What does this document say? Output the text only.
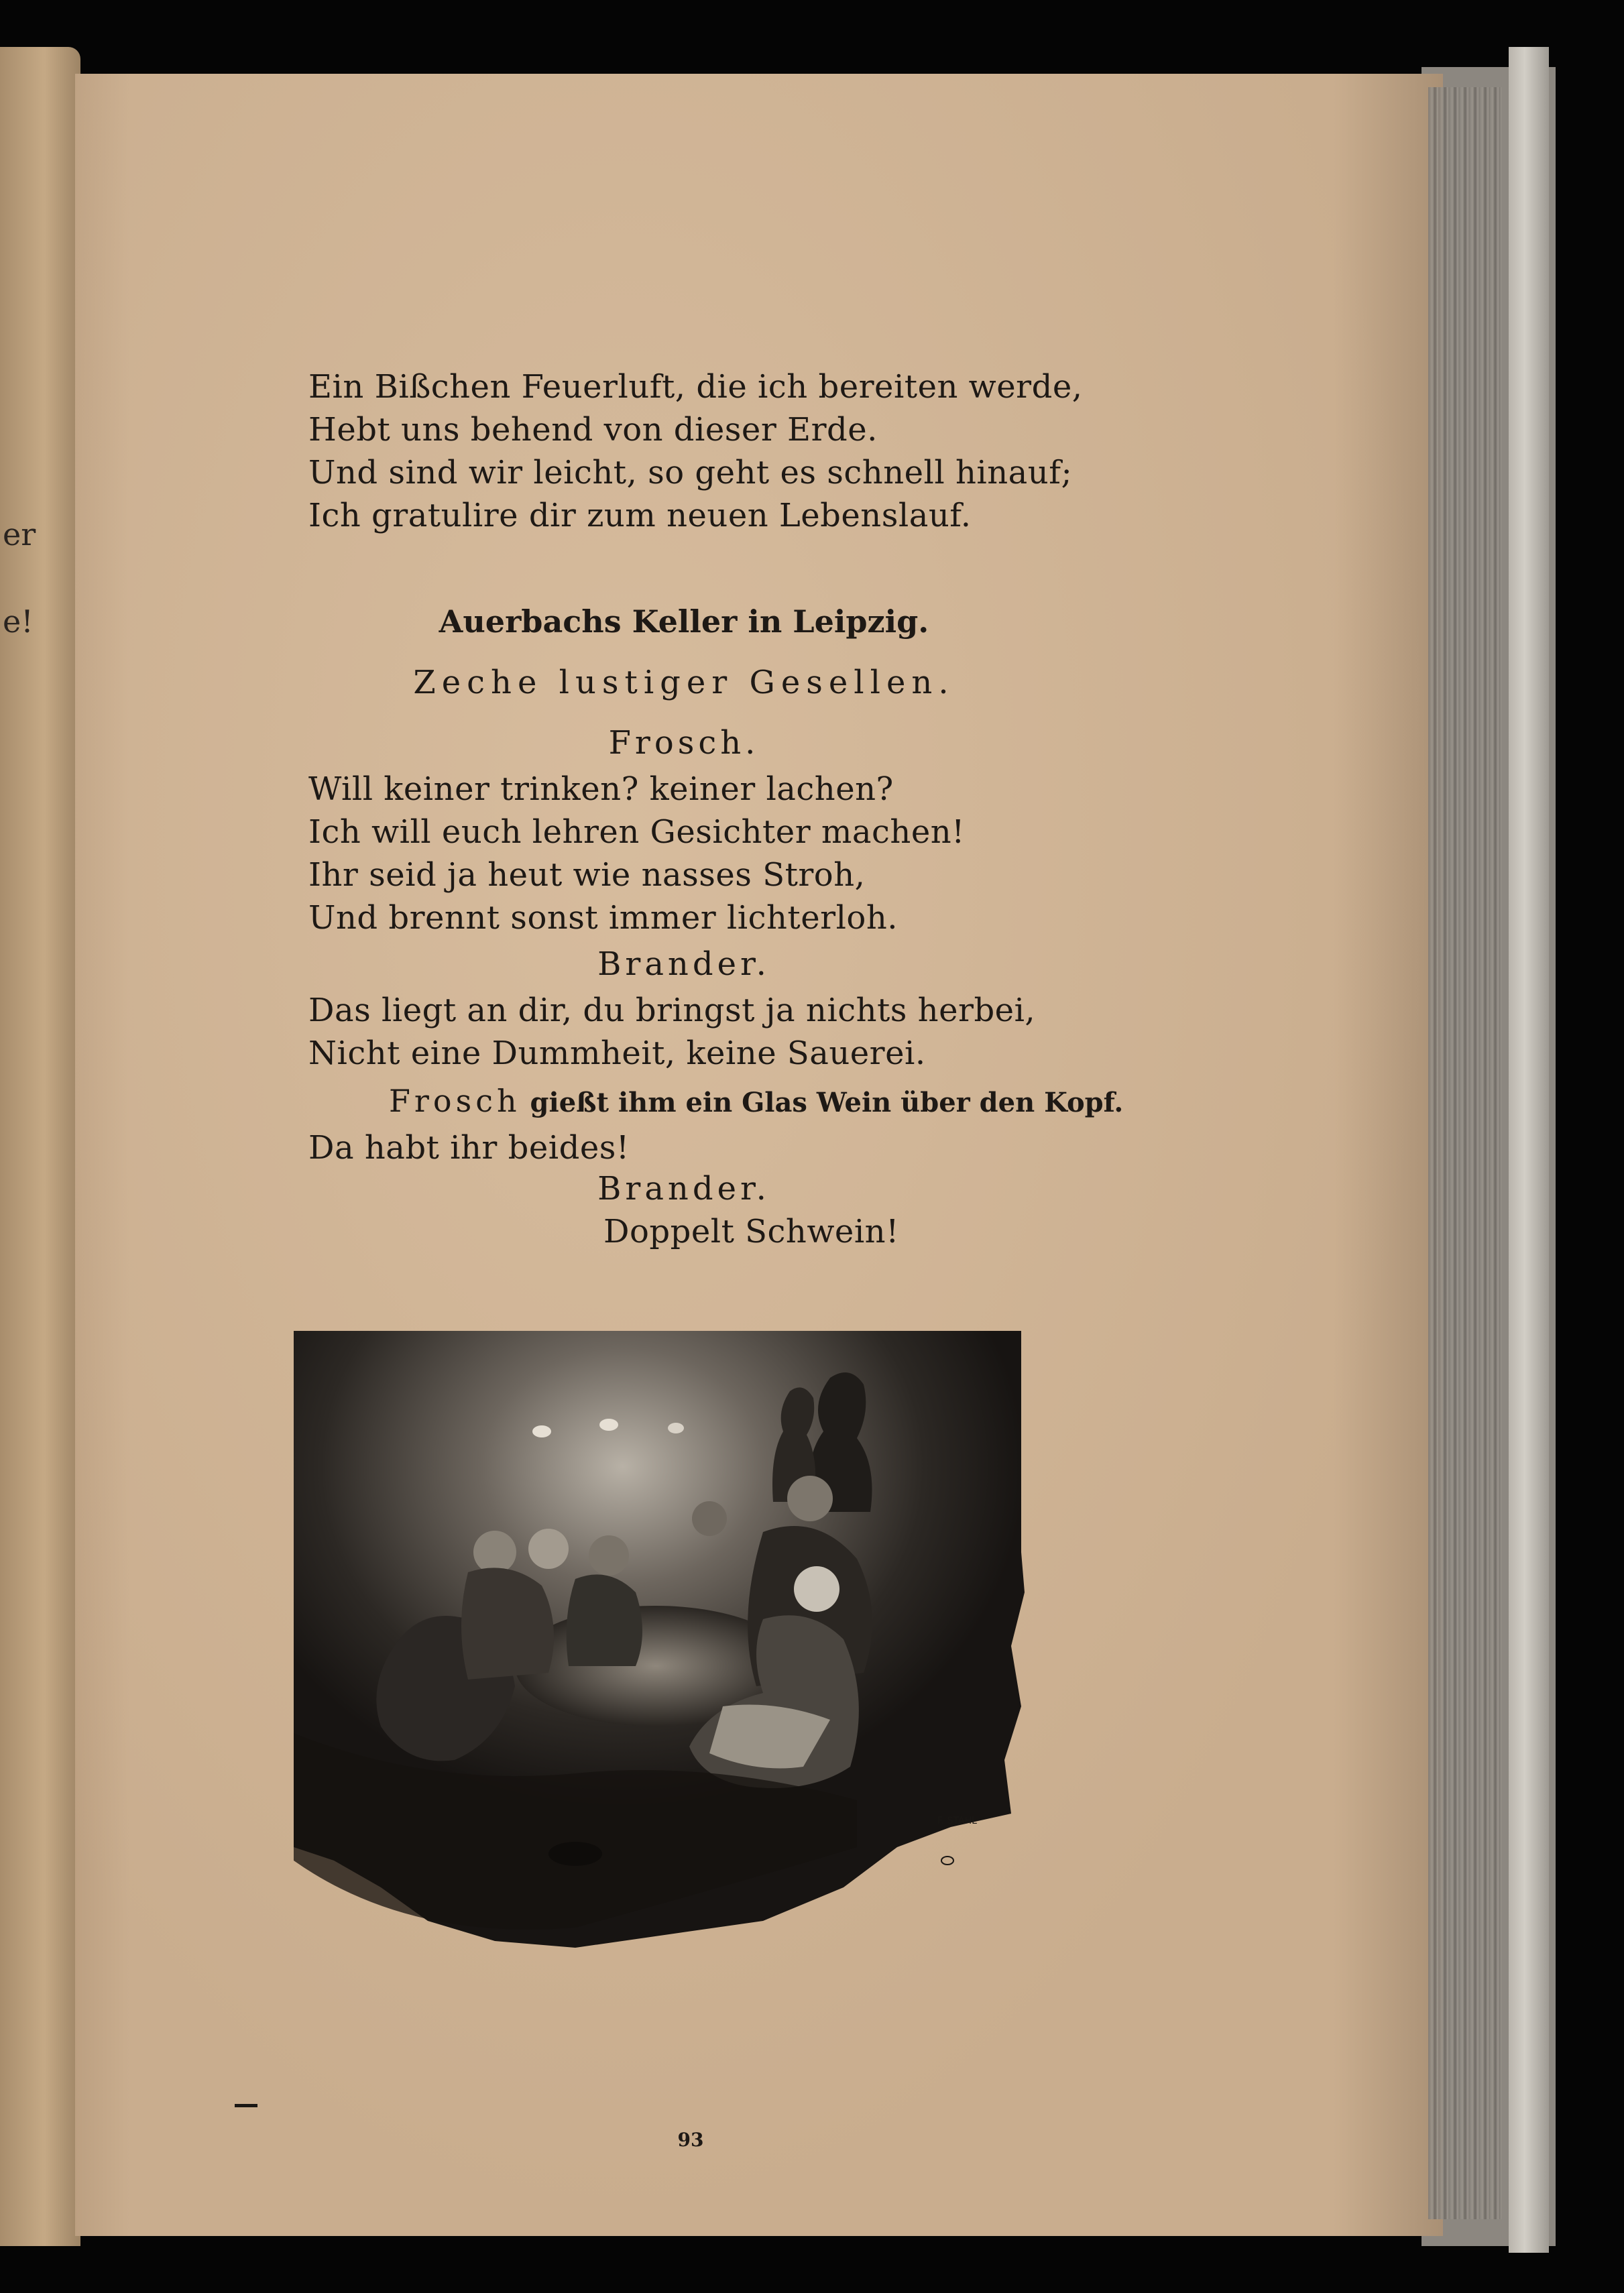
er
e!
Ein Bißchen Feuerluft, die ich bereiten werde,
Hebt uns behend von dieser Erde.
Und sind wir leicht, so geht es schnell hinauf;
Ich gratulire dir zum neuen Lebenslauf.
Auerbachs Keller in Leipzig.
Zeche lustiger Gesellen.
Frosch.
Will keiner trinken? keiner lachen?
Ich will euch lehren Gesichter machen!
Ihr seid ja heut wie nasses Stroh,
Und brennt sonst immer lichterloh.
Brander.
Das liegt an dir, du bringst ja nichts herbei,
Nicht eine Dummheit, keine Sauerei.
Frosch gießt ihm ein Glas Wein über den Kopf.
Da habt ihr beides!
Brander.
Doppelt Schwein!
F. STAHL
93
